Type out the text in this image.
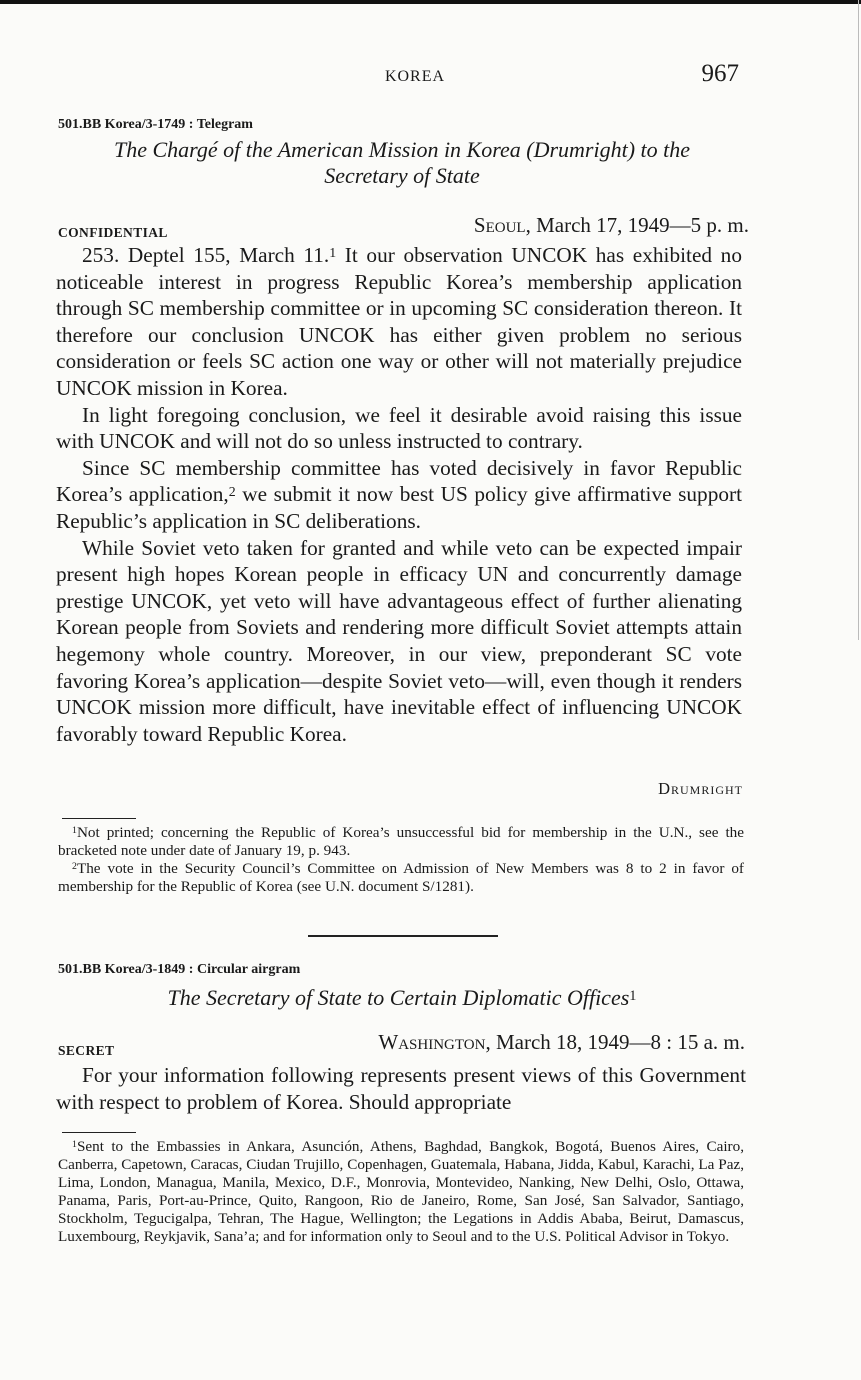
KOREA	967
501.BB Korea/3-1749 : Telegram
The Chargé of the American Mission in Korea (Drumright) to the
Secretary of State
CONFIDENTIAL	Seoul, March 17, 1949—5 p. m.

253. Deptel 155, March 11.$^1$ It our observation UNCOK has exhibited no noticeable interest in progress Republic Korea’s membership application through SC membership committee or in upcoming SC consideration thereon. It therefore our conclusion UNCOK has either given problem no serious consideration or feels SC action one way or other will not materially prejudice UNCOK mission in Korea.

In light foregoing conclusion, we feel it desirable avoid raising this issue with UNCOK and will not do so unless instructed to contrary.

Since SC membership committee has voted decisively in favor Republic Korea’s application,$^2$ we submit it now best US policy give affirmative support Republic’s application in SC deliberations.

While Soviet veto taken for granted and while veto can be expected impair present high hopes Korean people in efficacy UN and concurrently damage prestige UNCOK, yet veto will have advantageous effect of further alienating Korean people from Soviets and rendering more difficult Soviet attempts attain hegemony whole country. Moreover, in our view, preponderant SC vote favoring Korea’s application—despite Soviet veto—will, even though it renders UNCOK mission more difficult, have inevitable effect of influencing UNCOK favorably toward Republic Korea.

Drumright

$^1$Not printed; concerning the Republic of Korea’s unsuccessful bid for membership in the U.N., see the bracketed note under date of January 19, p. 943.

$^2$The vote in the Security Council’s Committee on Admission of New Members was 8 to 2 in favor of membership for the Republic of Korea (see U.N. document S/1281).

501.BB Korea/3-1849 : Circular airgram
The Secretary of State to Certain Diplomatic Offices$^1$
SECRET	Washington, March 18, 1949—8 : 15 a. m.

For your information following represents present views of this Government with respect to problem of Korea. Should appropriate

$^1$Sent to the Embassies in Ankara, Asunción, Athens, Baghdad, Bangkok, Bogotá, Buenos Aires, Cairo, Canberra, Capetown, Caracas, Ciudan Trujillo, Copenhagen, Guatemala, Habana, Jidda, Kabul, Karachi, La Paz, Lima, London, Managua, Manila, Mexico, D.F., Monrovia, Montevideo, Nanking, New Delhi, Oslo, Ottawa, Panama, Paris, Port-au-Prince, Quito, Rangoon, Rio de Janeiro, Rome, San José, San Salvador, Santiago, Stockholm, Tegucigalpa, Tehran, The Hague, Wellington; the Legations in Addis Ababa, Beirut, Damascus, Luxembourg, Reykjavik, Sana’a; and for information only to Seoul and to the U.S. Political Advisor in Tokyo.
